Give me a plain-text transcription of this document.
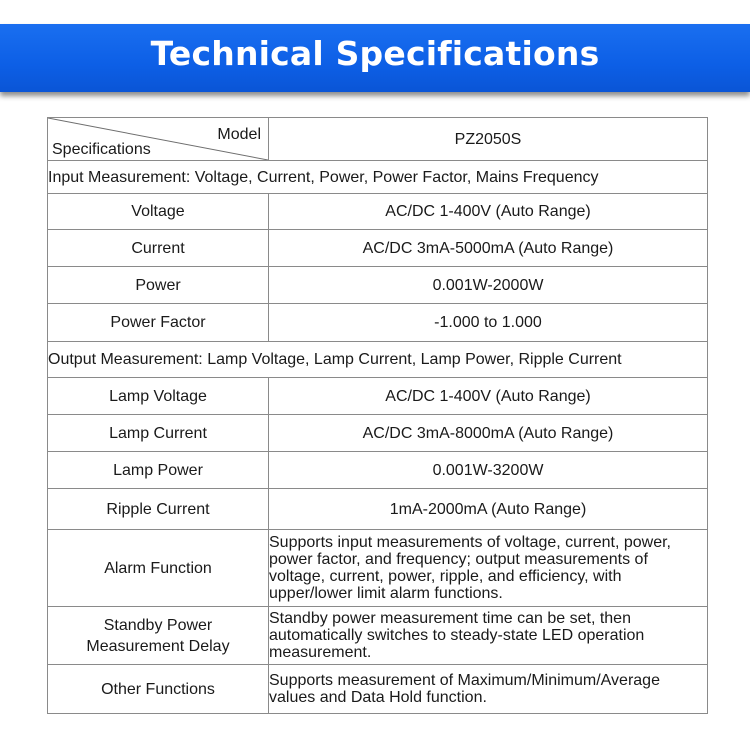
Technical Specifications
Model
Specifications	PZ2050S
Input Measurement: Voltage, Current, Power, Power Factor, Mains Frequency	
Voltage	AC/DC 1-400V (Auto Range)
Current	AC/DC 3mA-5000mA (Auto Range)
Power	0.001W-2000W
Power Factor	-1.000 to 1.000
Output Measurement: Lamp Voltage, Lamp Current, Lamp Power, Ripple Current	
Lamp Voltage	AC/DC 1-400V (Auto Range)
Lamp Current	AC/DC 3mA-8000mA (Auto Range)
Lamp Power	0.001W-3200W
Ripple Current	1mA-2000mA (Auto Range)
Alarm Function	Supports input measurements of voltage, current, power, power factor, and frequency; output measurements of voltage, current, power, ripple, and efficiency, with upper/lower limit alarm functions.
Standby Power
Measurement Delay	Standby power measurement time can be set, then automatically switches to steady-state LED operation measurement.
Other Functions	Supports measurement of Maximum/Minimum/Average values and Data Hold function.
